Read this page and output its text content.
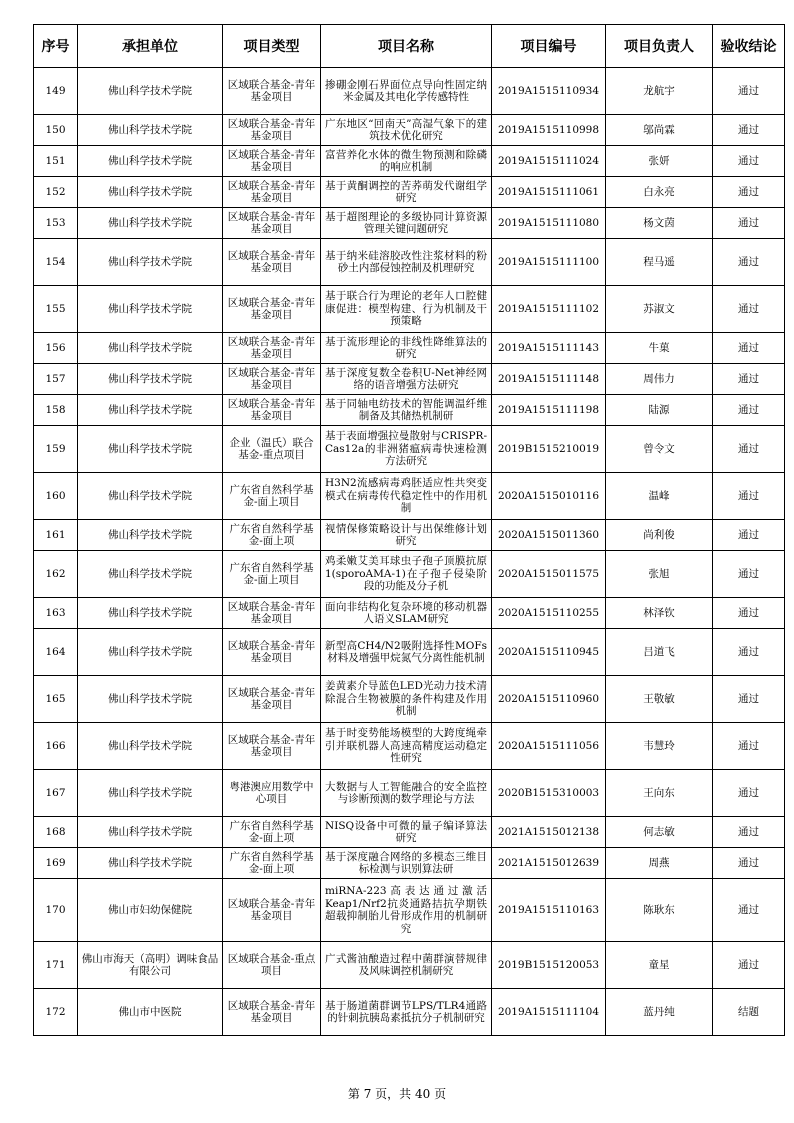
序号	承担单位	项目类型	项目名称	项目编号	项目负责人	验收结论
149	佛山科学技术学院	区域联合基金-青年基金项目	掺硼金刚石界面位点导向性固定纳米金属及其电化学传感特性	2019A1515110934	龙航宇	通过
150	佛山科学技术学院	区域联合基金-青年基金项目	广东地区“回南天”高湿气象下的建筑技术优化研究	2019A1515110998	邬尚霖	通过
151	佛山科学技术学院	区域联合基金-青年基金项目	富营养化水体的微生物预测和除磷的响应机制	2019A1515111024	张妍	通过
152	佛山科学技术学院	区域联合基金-青年基金项目	基于黄酮调控的苦荞萌发代谢组学研究	2019A1515111061	白永亮	通过
153	佛山科学技术学院	区域联合基金-青年基金项目	基于超图理论的多级协同计算资源管理关键问题研究	2019A1515111080	杨文茵	通过
154	佛山科学技术学院	区域联合基金-青年基金项目	基于纳米硅溶胶改性注浆材料的粉砂土内部侵蚀控制及机理研究	2019A1515111100	程马遥	通过
155	佛山科学技术学院	区域联合基金-青年基金项目	基于联合行为理论的老年人口腔健康促进：模型构建、行为机制及干预策略	2019A1515111102	苏淑文	通过
156	佛山科学技术学院	区域联合基金-青年基金项目	基于流形理论的非线性降维算法的研究	2019A1515111143	牛菓	通过
157	佛山科学技术学院	区域联合基金-青年基金项目	基于深度复数全卷积U-Net神经网络的语音增强方法研究	2019A1515111148	周伟力	通过
158	佛山科学技术学院	区域联合基金-青年基金项目	基于同轴电纺技术的智能调温纤维制备及其储热机制研	2019A1515111198	陆源	通过
159	佛山科学技术学院	企业（温氏）联合基金-重点项目	基于表面增强拉曼散射与CRISPR-Cas12a的非洲猪瘟病毒快速检测方法研究	2019B1515210019	曾令文	通过
160	佛山科学技术学院	广东省自然科学基金-面上项目	H3N2流感病毒鸡胚适应性共突变模式在病毒传代稳定性中的作用机制	2020A1515010116	温峰	通过
161	佛山科学技术学院	广东省自然科学基金-面上项	视情保修策略设计与出保维修计划研究	2020A1515011360	尚利俊	通过
162	佛山科学技术学院	广东省自然科学基金-面上项目	鸡柔嫩艾美耳球虫子孢子顶膜抗原1(sporoAMA-1)在子孢子侵染阶段的功能及分子机	2020A1515011575	张旭	通过
163	佛山科学技术学院	区域联合基金-青年基金项目	面向非结构化复杂环境的移动机器人语义SLAM研究	2020A1515110255	林泽钦	通过
164	佛山科学技术学院	区域联合基金-青年基金项目	新型高CH4/N2吸附选择性MOFs材料及增强甲烷氮气分离性能机制	2020A1515110945	吕道飞	通过
165	佛山科学技术学院	区域联合基金-青年基金项目	姜黄素介导蓝色LED光动力技术清除混合生物被膜的条件构建及作用机制	2020A1515110960	王敬敏	通过
166	佛山科学技术学院	区域联合基金-青年基金项目	基于时变势能场模型的大跨度绳牵引并联机器人高速高精度运动稳定性研究	2020A1515111056	韦慧玲	通过
167	佛山科学技术学院	粤港澳应用数学中心项目	大数据与人工智能融合的安全监控与诊断预测的数学理论与方法	2020B1515310003	王向东	通过
168	佛山科学技术学院	广东省自然科学基金-面上项	NISQ设备中可微的量子编译算法研究	2021A1515012138	何志敏	通过
169	佛山科学技术学院	广东省自然科学基金-面上项	基于深度融合网络的多模态三维目标检测与识别算法研	2021A1515012639	周燕	通过
170	佛山市妇幼保健院	区域联合基金-青年基金项目	miRNA-223高表达通过激活Keap1/Nrf2抗炎通路拮抗孕期铁超载抑制胎儿骨形成作用的机制研究	2019A1515110163	陈耿东	通过
171	佛山市海天（高明）调味食品有限公司	区域联合基金-重点项目	广式酱油酿造过程中菌群演替规律及风味调控机制研究	2019B1515120053	童星	通过
172	佛山市中医院	区域联合基金-青年基金项目	基于肠道菌群调节LPS/TLR4通路的针刺抗胰岛素抵抗分子机制研究	2019A1515111104	蓝丹纯	结题
第 7 页，共 40 页
